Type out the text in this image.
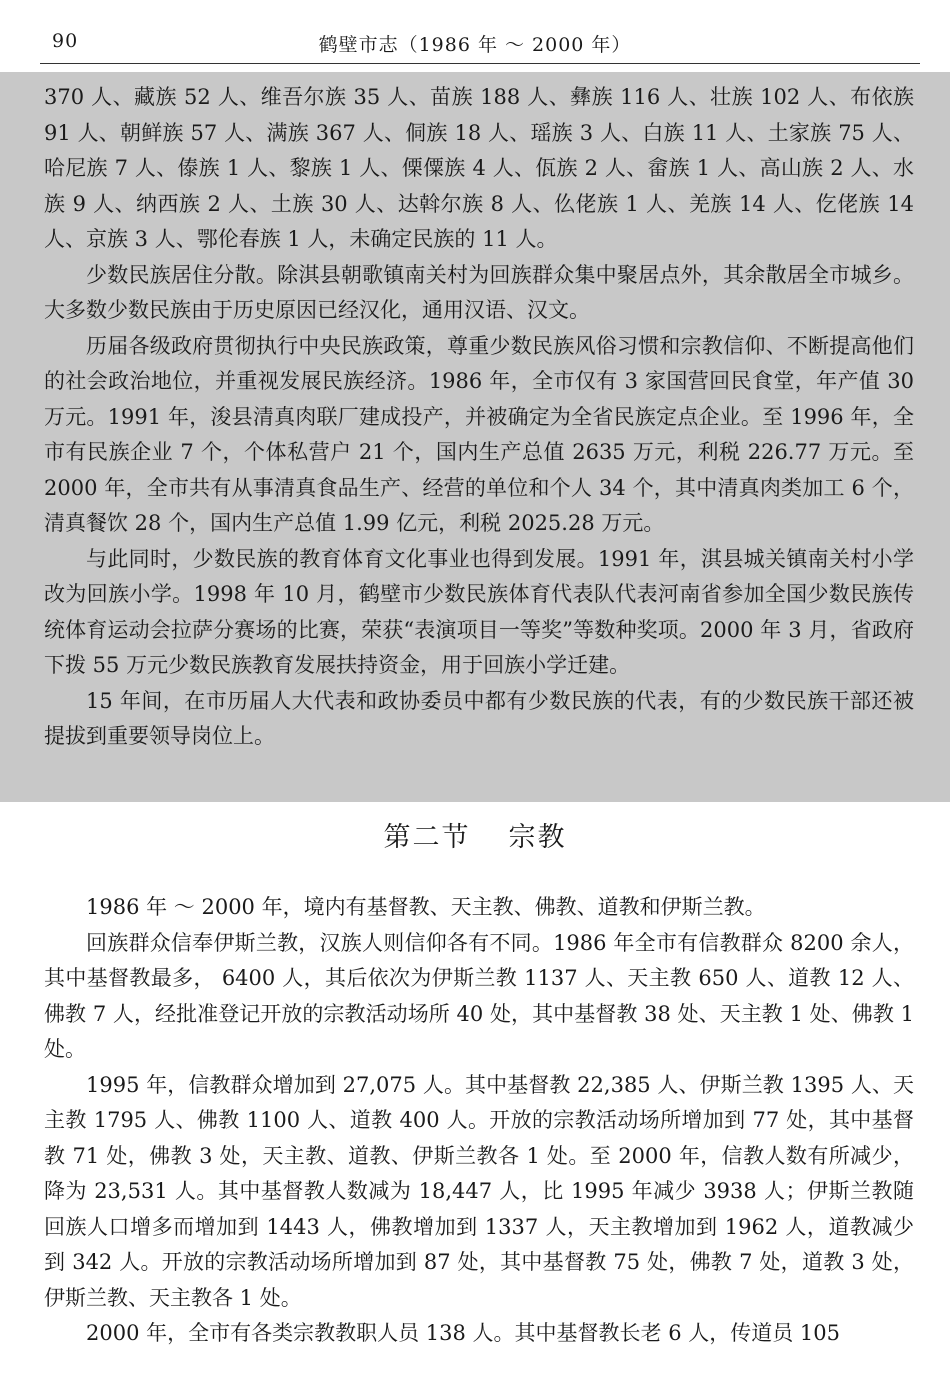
90	鹤壁市志（1986 年 ～ 2000 年）

370 人、藏族 52 人、维吾尔族 35 人、苗族 188 人、彝族 116 人、壮族 102 人、布依族 91 人、朝鲜族 57 人、满族 367 人、侗族 18 人、瑶族 3 人、白族 11 人、土家族 75 人、哈尼族 7 人、傣族 1 人、黎族 1 人、傈僳族 4 人、佤族 2 人、畲族 1 人、高山族 2 人、水族 9 人、纳西族 2 人、土族 30 人、达斡尔族 8 人、仫佬族 1 人、羌族 14 人、仡佬族 14 人、京族 3 人、鄂伦春族 1 人，未确定民族的 11 人。

少数民族居住分散。除淇县朝歌镇南关村为回族群众集中聚居点外，其余散居全市城乡。大多数少数民族由于历史原因已经汉化，通用汉语、汉文。

历届各级政府贯彻执行中央民族政策，尊重少数民族风俗习惯和宗教信仰、不断提高他们的社会政治地位，并重视发展民族经济。1986 年，全市仅有 3 家国营回民食堂，年产值 30 万元。1991 年，浚县清真肉联厂建成投产，并被确定为全省民族定点企业。至 1996 年，全市有民族企业 7 个，个体私营户 21 个，国内生产总值 2635 万元，利税 226.77 万元。至 2000 年，全市共有从事清真食品生产、经营的单位和个人 34 个，其中清真肉类加工 6 个，清真餐饮 28 个，国内生产总值 1.99 亿元，利税 2025.28 万元。

与此同时，少数民族的教育体育文化事业也得到发展。1991 年，淇县城关镇南关村小学改为回族小学。1998 年 10 月，鹤壁市少数民族体育代表队代表河南省参加全国少数民族传统体育运动会拉萨分赛场的比赛，荣获“表演项目一等奖”等数种奖项。2000 年 3 月，省政府下拨 55 万元少数民族教育发展扶持资金，用于回族小学迁建。

15 年间，在市历届人大代表和政协委员中都有少数民族的代表，有的少数民族干部还被提拔到重要领导岗位上。

第二节 宗教

1986 年 ～ 2000 年，境内有基督教、天主教、佛教、道教和伊斯兰教。

回族群众信奉伊斯兰教，汉族人则信仰各有不同。1986 年全市有信教群众 8200 余人，其中基督教最多， 6400 人，其后依次为伊斯兰教 1137 人、天主教 650 人、道教 12 人、佛教 7 人，经批准登记开放的宗教活动场所 40 处，其中基督教 38 处、天主教 1 处、佛教 1 处。

1995 年，信教群众增加到 27,075 人。其中基督教 22,385 人、伊斯兰教 1395 人、天主教 1795 人、佛教 1100 人、道教 400 人。开放的宗教活动场所增加到 77 处，其中基督教 71 处，佛教 3 处，天主教、道教、伊斯兰教各 1 处。至 2000 年，信教人数有所减少，降为 23,531 人。其中基督教人数减为 18,447 人，比 1995 年减少 3938 人；伊斯兰教随回族人口增多而增加到 1443 人，佛教增加到 1337 人，天主教增加到 1962 人，道教减少到 342 人。开放的宗教活动场所增加到 87 处，其中基督教 75 处，佛教 7 处，道教 3 处，伊斯兰教、天主教各 1 处。

2000 年，全市有各类宗教教职人员 138 人。其中基督教长老 6 人，传道员 105
